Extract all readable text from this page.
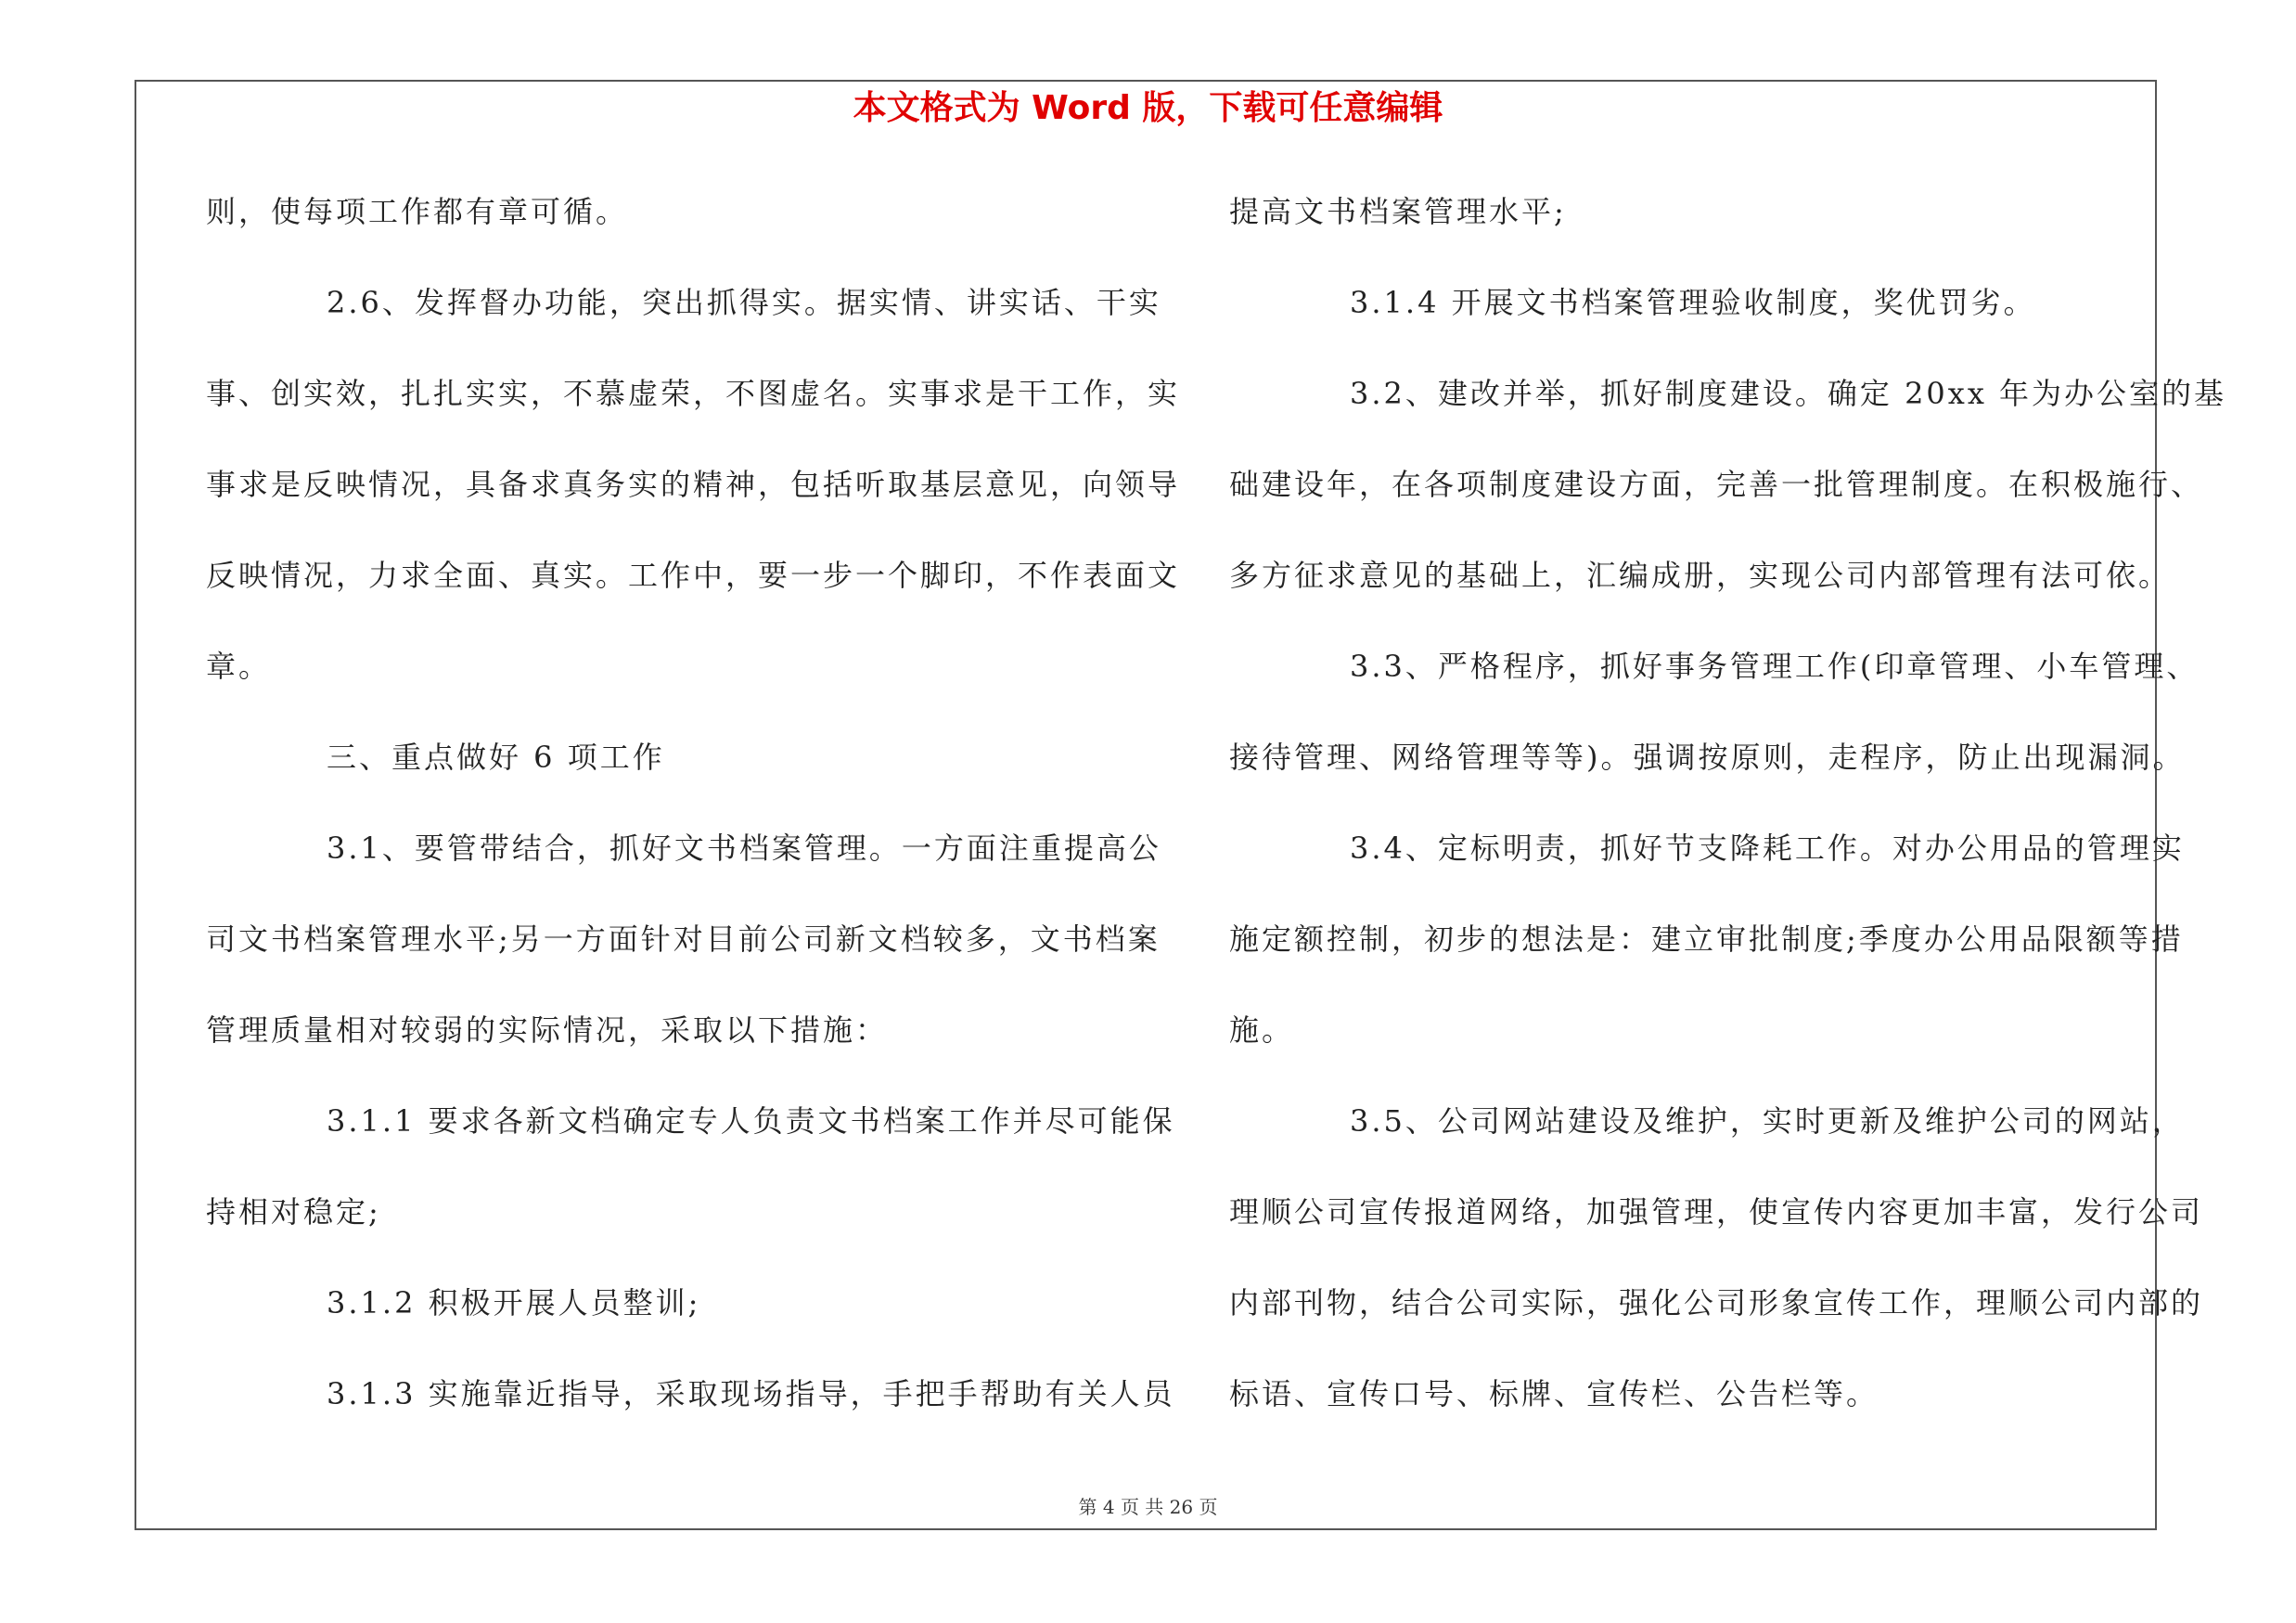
本文格式为 Word 版，下载可任意编辑
则，使每项工作都有章可循。
2.6、发挥督办功能，突出抓得实。据实情、讲实话、干实
事、创实效，扎扎实实，不慕虚荣，不图虚名。实事求是干工作，实
事求是反映情况，具备求真务实的精神，包括听取基层意见，向领导
反映情况，力求全面、真实。工作中，要一步一个脚印，不作表面文
章。
三、重点做好 6 项工作
3.1、要管带结合，抓好文书档案管理。一方面注重提高公
司文书档案管理水平;另一方面针对目前公司新文档较多，文书档案
管理质量相对较弱的实际情况，采取以下措施：
3.1.1 要求各新文档确定专人负责文书档案工作并尽可能保
持相对稳定;
3.1.2 积极开展人员整训;
3.1.3 实施靠近指导，采取现场指导，手把手帮助有关人员
提高文书档案管理水平;
3.1.4 开展文书档案管理验收制度，奖优罚劣。
3.2、建改并举，抓好制度建设。确定 20xx 年为办公室的基
础建设年，在各项制度建设方面，完善一批管理制度。在积极施行、
多方征求意见的基础上，汇编成册，实现公司内部管理有法可依。
3.3、严格程序，抓好事务管理工作(印章管理、小车管理、
接待管理、网络管理等等)。强调按原则，走程序，防止出现漏洞。
3.4、定标明责，抓好节支降耗工作。对办公用品的管理实
施定额控制，初步的想法是：建立审批制度;季度办公用品限额等措
施。
3.5、公司网站建设及维护，实时更新及维护公司的网站，
理顺公司宣传报道网络，加强管理，使宣传内容更加丰富，发行公司
内部刊物，结合公司实际，强化公司形象宣传工作，理顺公司内部的
标语、宣传口号、标牌、宣传栏、公告栏等。
第 4 页 共 26 页
